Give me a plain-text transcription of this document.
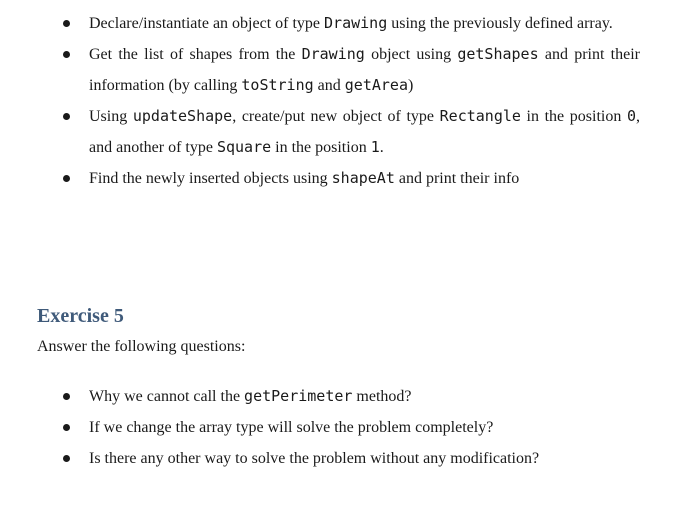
Declare/instantiate an object of type Drawing using the previously defined array.
Get the list of shapes from the Drawing object using getShapes and print their information (by calling toString and getArea)
Using updateShape, create/put new object of type Rectangle in the position 0, and another of type Square in the position 1.
Find the newly inserted objects using shapeAt and print their info
Exercise 5

Answer the following questions:

Why we cannot call the getPerimeter method?
If we change the array type will solve the problem completely?
Is there any other way to solve the problem without any modification?
